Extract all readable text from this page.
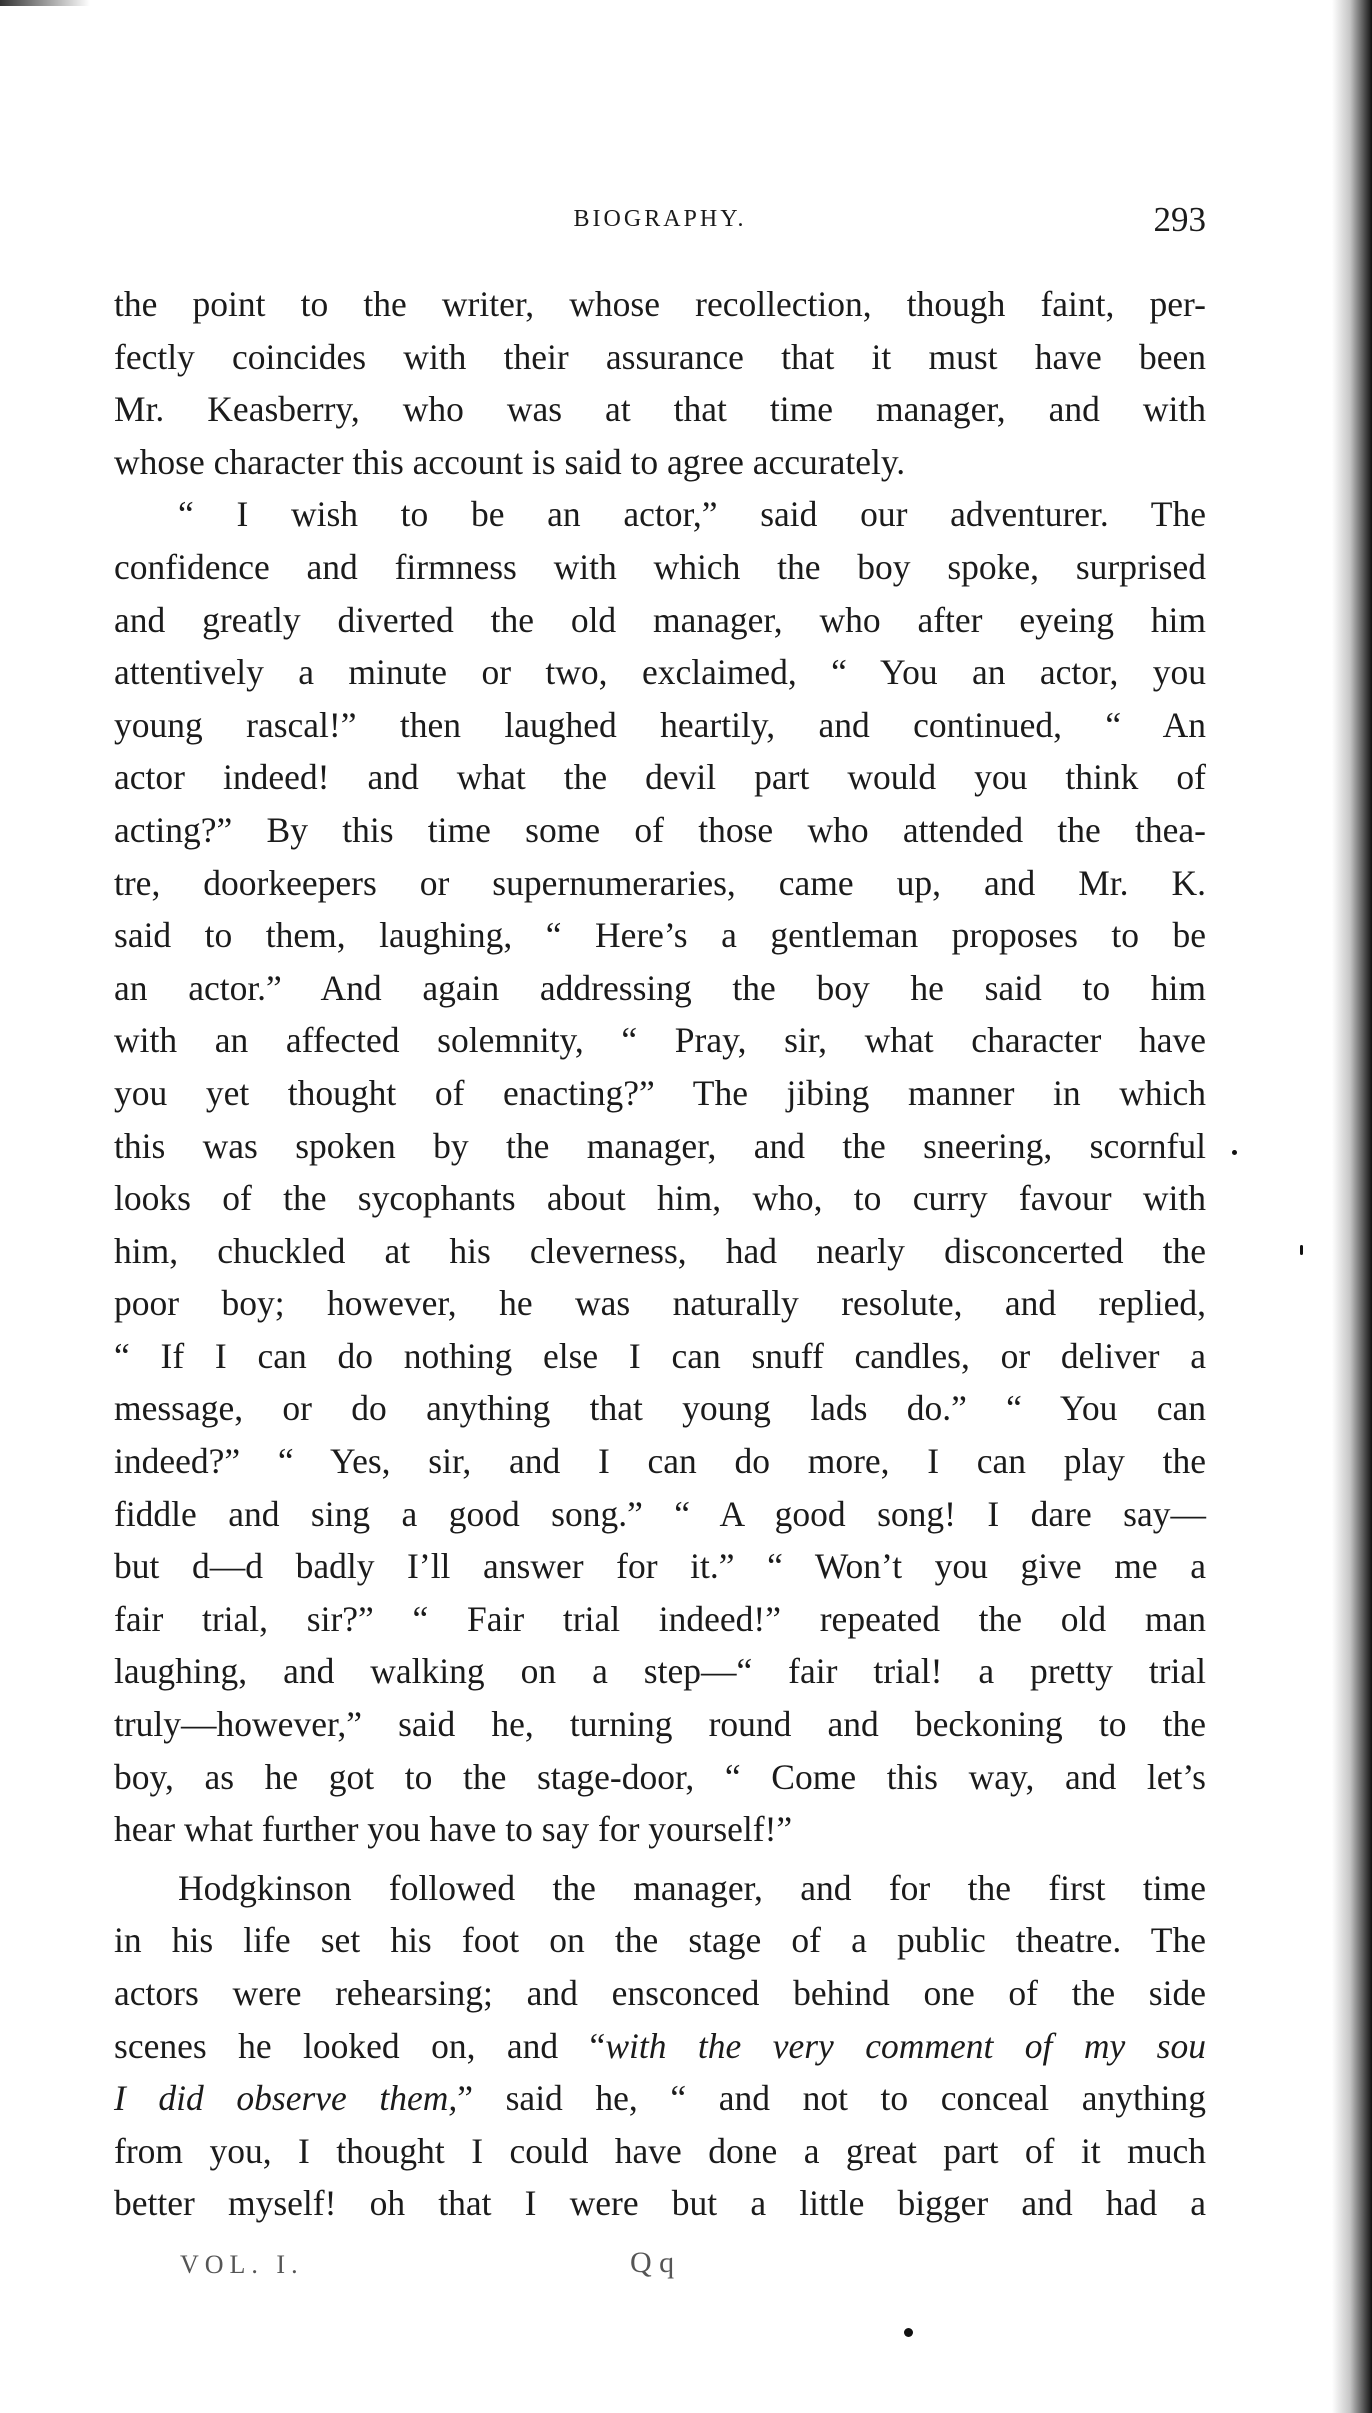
BIOGRAPHY.	293
the point to the writer, whose recollection, though faint, per-
fectly coincides with their assurance that it must have been
Mr. Keasberry, who was at that time manager, and with
whose character this account is said to agree accurately.
“ I wish to be an actor,” said our adventurer. The
confidence and firmness with which the boy spoke, surprised
and greatly diverted the old manager, who after eyeing him
attentively a minute or two, exclaimed, “ You an actor, you
young rascal!” then laughed heartily, and continued, “ An
actor indeed! and what the devil part would you think of
acting?” By this time some of those who attended the thea-
tre, doorkeepers or supernumeraries, came up, and Mr. K.
said to them, laughing, “ Here’s a gentleman proposes to be
an actor.” And again addressing the boy he said to him
with an affected solemnity, “ Pray, sir, what character have
you yet thought of enacting?” The jibing manner in which
this was spoken by the manager, and the sneering, scornful
looks of the sycophants about him, who, to curry favour with
him, chuckled at his cleverness, had nearly disconcerted the
poor boy; however, he was naturally resolute, and replied,
“ If I can do nothing else I can snuff candles, or deliver a
message, or do anything that young lads do.” “ You can
indeed?” “ Yes, sir, and I can do more, I can play the
fiddle and sing a good song.” “ A good song! I dare say—
but d—d badly I’ll answer for it.” “ Won’t you give me a
fair trial, sir?” “ Fair trial indeed!” repeated the old man
laughing, and walking on a step—“ fair trial! a pretty trial
truly—however,” said he, turning round and beckoning to the
boy, as he got to the stage-door, “ Come this way, and let’s
hear what further you have to say for yourself!”
Hodgkinson followed the manager, and for the first time
in his life set his foot on the stage of a public theatre. The
actors were rehearsing; and ensconced behind one of the side
scenes he looked on, and “with the very comment of my sou
I did observe them,” said he, “ and not to conceal anything
from you, I thought I could have done a great part of it much
better myself! oh that I were but a little bigger and had a
VOL. I.	Q q
